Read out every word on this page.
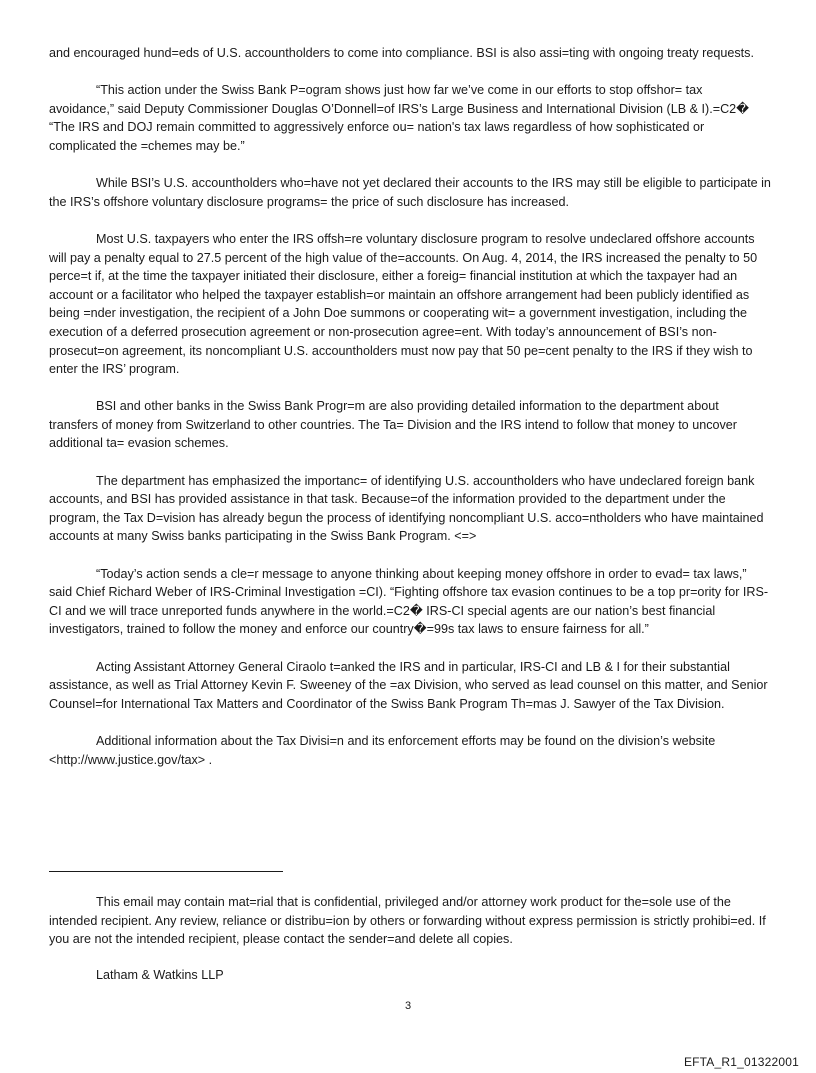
and encouraged hund=eds of U.S. accountholders to come into compliance. BSI is also assi=ting with ongoing treaty requests.

“This action under the Swiss Bank P=ogram shows just how far we’ve come in our efforts to stop offshor= tax avoidance,” said Deputy Commissioner Douglas O’Donnell=of IRS’s Large Business and International Division (LB & I).=C2� “The IRS and DOJ remain committed to aggressively enforce ou= nation's tax laws regardless of how sophisticated or complicated the =chemes may be.”

While BSI’s U.S. accountholders who=have not yet declared their accounts to the IRS may still be eligible to participate in the IRS’s offshore voluntary disclosure programs= the price of such disclosure has increased.

Most U.S. taxpayers who enter the IRS offsh=re voluntary disclosure program to resolve undeclared offshore accounts will pay a penalty equal to 27.5 percent of the high value of the=accounts. On Aug. 4, 2014, the IRS increased the penalty to 50 perce=t if, at the time the taxpayer initiated their disclosure, either a foreig= financial institution at which the taxpayer had an account or a facilitator who helped the taxpayer establish=or maintain an offshore arrangement had been publicly identified as being =nder investigation, the recipient of a John Doe summons or cooperating wit= a government investigation, including the execution of a deferred prosecution agreement or non-prosecution agree=ent. With today’s announcement of BSI’s non-prosecut=on agreement, its noncompliant U.S. accountholders must now pay that 50 pe=cent penalty to the IRS if they wish to enter the IRS’ program.

BSI and other banks in the Swiss Bank Progr=m are also providing detailed information to the department about transfers of money from Switzerland to other countries. The Ta= Division and the IRS intend to follow that money to uncover additional ta= evasion schemes.

The department has emphasized the importanc= of identifying U.S. accountholders who have undeclared foreign bank accounts, and BSI has provided assistance in that task. Because=of the information provided to the department under the program, the Tax D=vision has already begun the process of identifying noncompliant U.S. acco=ntholders who have maintained accounts at many Swiss banks participating in the Swiss Bank Program. <=>

“Today’s action sends a cle=r message to anyone thinking about keeping money offshore in order to evad= tax laws,” said Chief Richard Weber of IRS-Criminal Investigation =CI). “Fighting offshore tax evasion continues to be a top pr=ority for IRS-CI and we will trace unreported funds anywhere in the world.=C2� IRS-CI special agents are our nation’s best financial investigators, trained to follow the money and enforce our country�=99s tax laws to ensure fairness for all.”

Acting Assistant Attorney General Ciraolo t=anked the IRS and in particular, IRS-CI and LB & I for their substantial assistance, as well as Trial Attorney Kevin F. Sweeney of the =ax Division, who served as lead counsel on this matter, and Senior Counsel=for International Tax Matters and Coordinator of the Swiss Bank Program Th=mas J. Sawyer of the Tax Division.

Additional information about the Tax Divisi=n and its enforcement efforts may be found on the division’s website <http://www.justice.gov/tax> .

This email may contain mat=rial that is confidential, privileged and/or attorney work product for the=sole use of the intended recipient. Any review, reliance or distribu=ion by others or forwarding without express permission is strictly prohibi=ed. If you are not the intended recipient, please contact the sender=and delete all copies.

Latham & Watkins LLP

3

EFTA_R1_01322001
